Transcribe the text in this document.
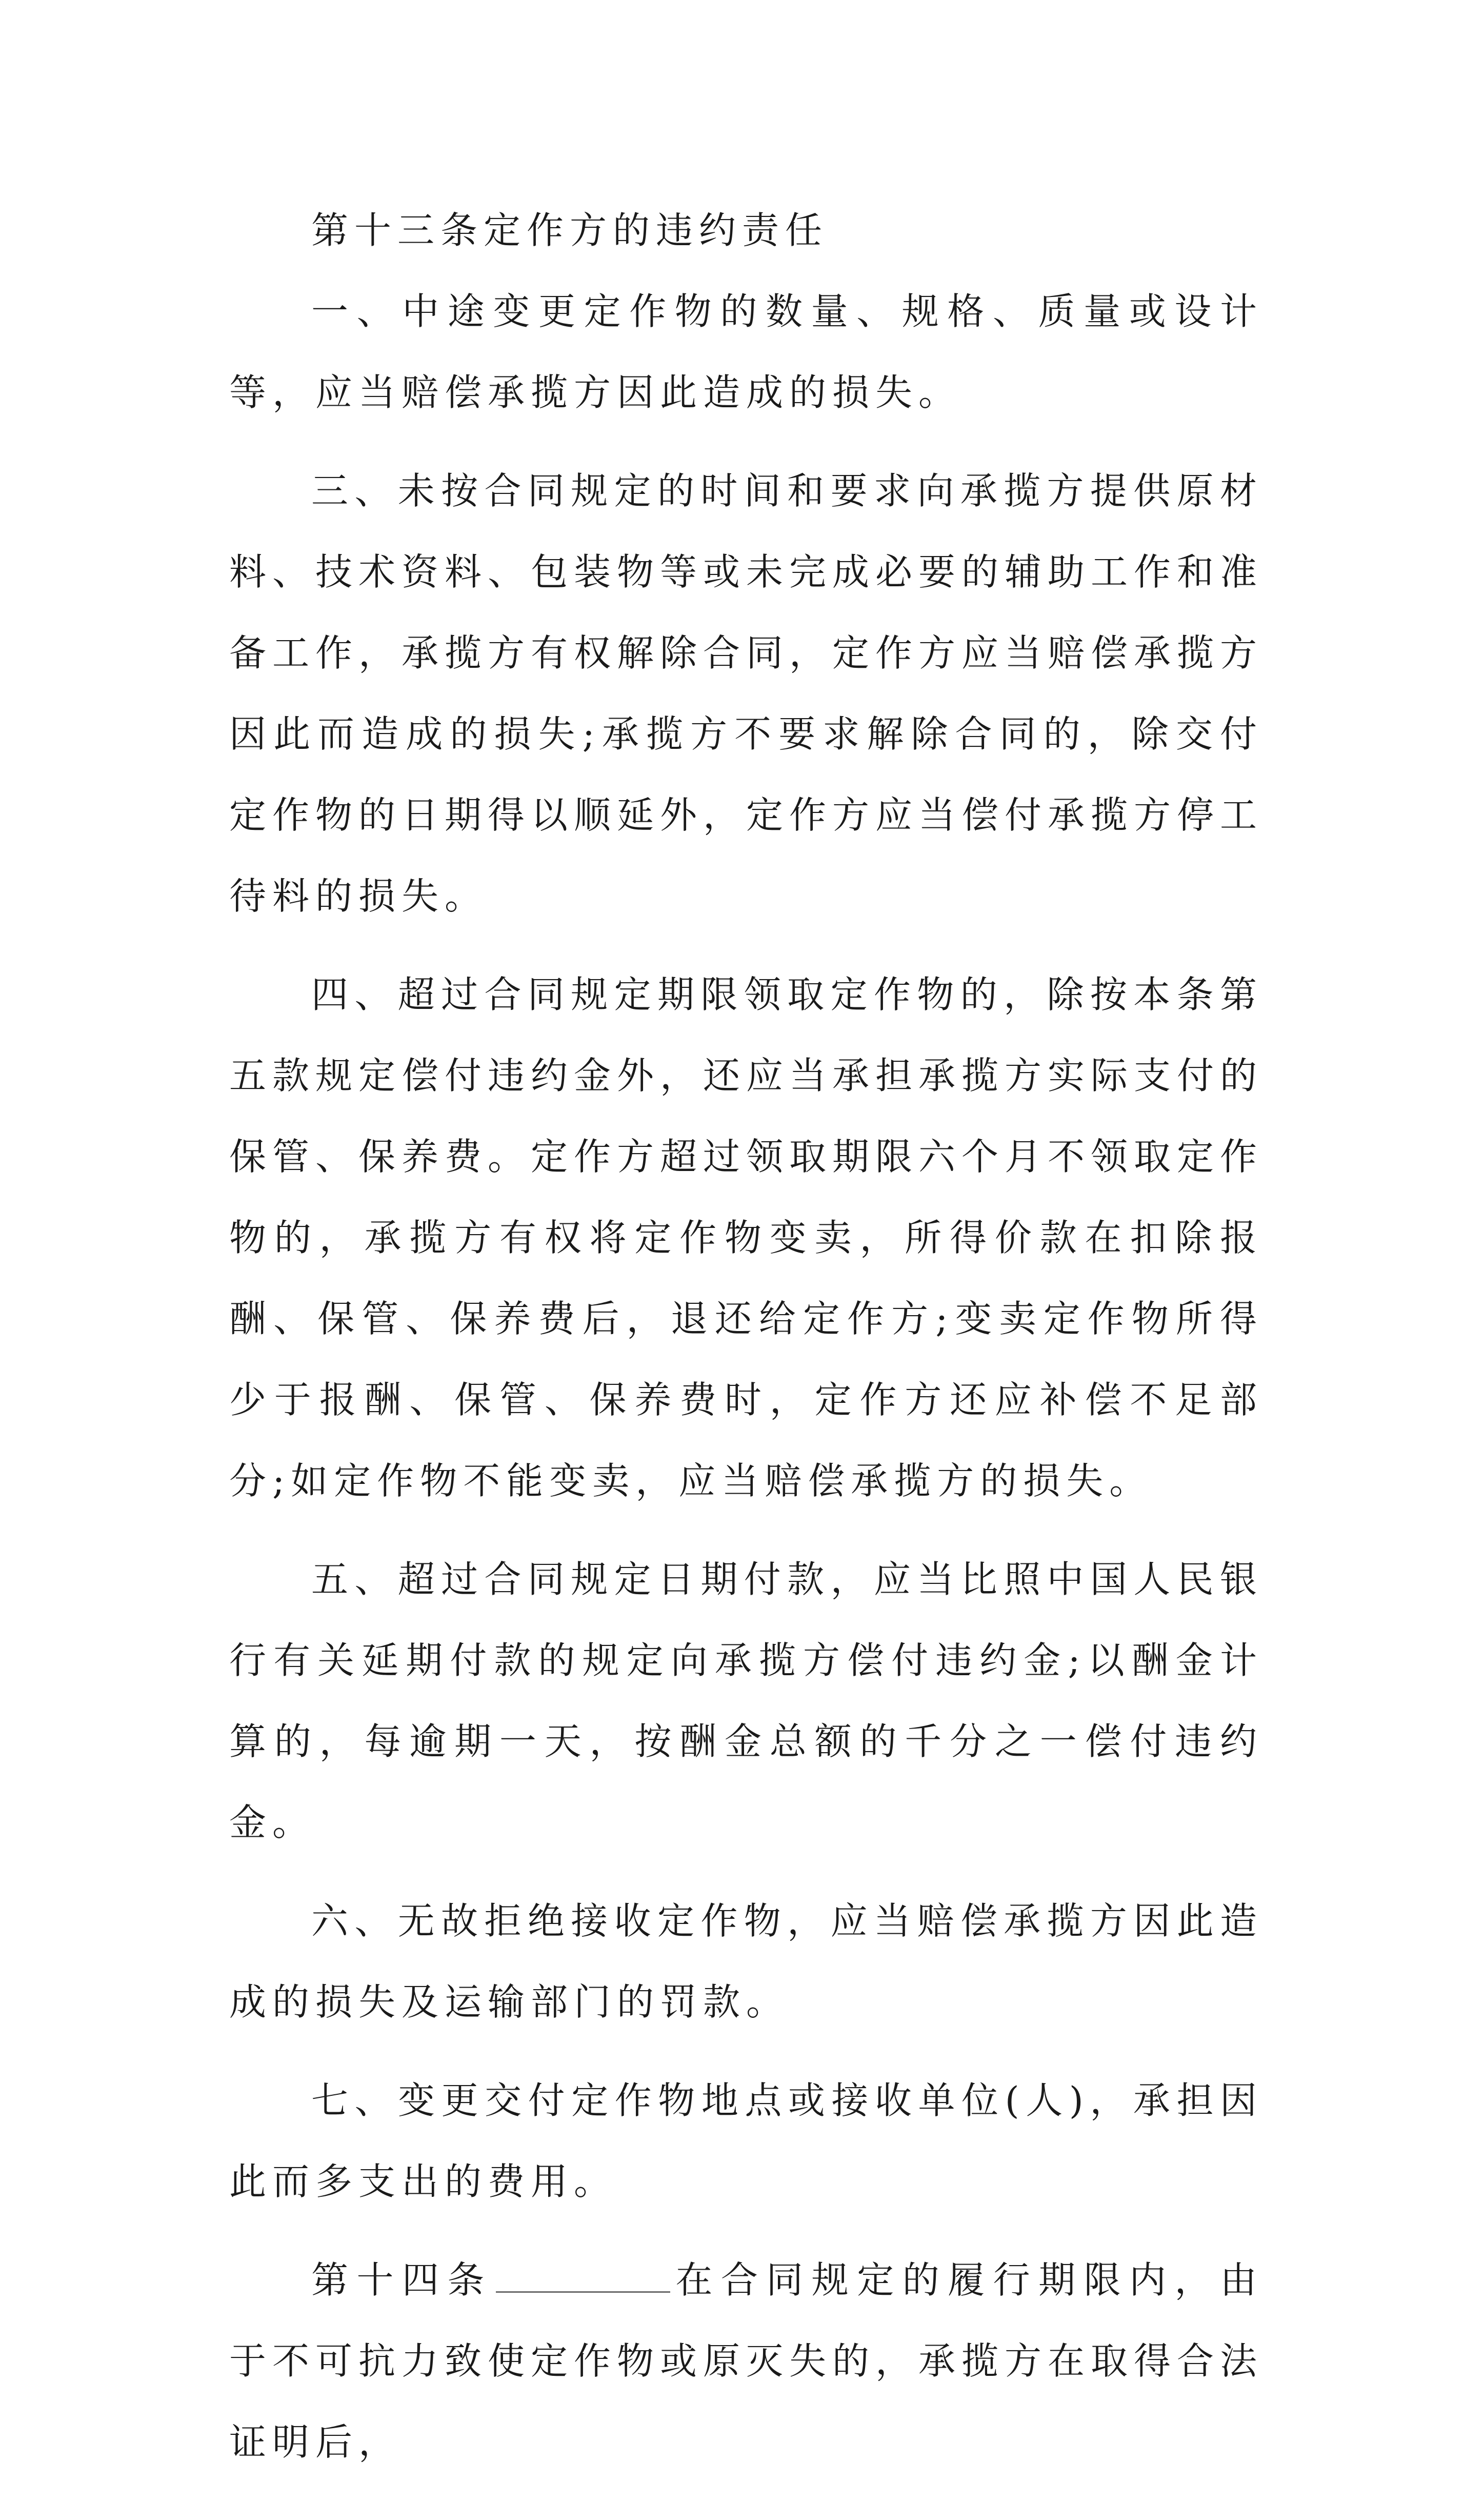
第十三条定作方的违约责任

一、中途变更定作物的数量、规格、质量或设计等，应当赔偿承揽方因此造成的损失。

三、未按合同规定的时间和要求向承揽方提供原材料、技术资料、包装物等或未完成必要的辅助工作和准备工作，承揽方有权解除合同，定作方应当赔偿承揽方因此而造成的损失;承揽方不要求解除合同的，除交付定作物的日期得以顺延外，定作方应当偿付承揽方停工待料的损失。

四、超过合同规定期限领取定作物的，除按本条第五款规定偿付违约金外，还应当承担承揽方实际支付的保管、保养费。定作方超过领取期限六个月不领取定作物的，承揽方有权将定作物变卖，所得价款在扣除报酬、保管、保养费后，退还给定作方;变卖定作物所得少于报酬、保管、保养费时，定作方还应补偿不足部分;如定作物不能变卖，应当赔偿承揽方的损失。

五、超过合同规定日期付款，应当比照中国人民银行有关延期付款的规定向承揽方偿付违约金;以酬金计算的，每逾期一天，按酬金总额的千分之一偿付违约金。

六、无故拒绝接收定作物，应当赔偿承揽方因此造成的损失及运输部门的罚款。

七、变更交付定作物地点或接收单位(人)，承担因此而多支出的费用。

第十四条	在合同规定的履行期限内，由于不可抗力致使定作物或原灭失的，承揽方在取得合法证明后，
